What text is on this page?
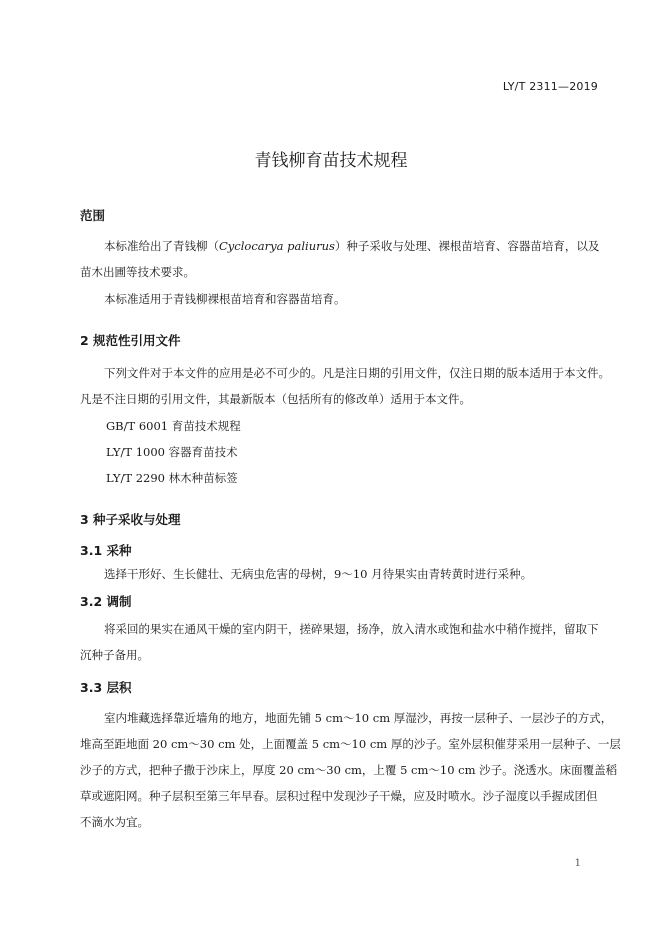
LY/T 2311—2019
青钱柳育苗技术规程
范围
本标准给出了青钱柳（Cyclocarya paliurus）种子采收与处理、裸根苗培育、容器苗培育，以及
苗木出圃等技术要求。
本标准适用于青钱柳裸根苗培育和容器苗培育。
2 规范性引用文件
下列文件对于本文件的应用是必不可少的。凡是注日期的引用文件，仅注日期的版本适用于本文件。
凡是不注日期的引用文件，其最新版本（包括所有的修改单）适用于本文件。
GB/T 6001 育苗技术规程
LY/T 1000 容器育苗技术
LY/T 2290 林木种苗标签
3 种子采收与处理
3.1 采种
选择干形好、生长健壮、无病虫危害的母树，9～10 月待果实由青转黄时进行采种。
3.2 调制
将采回的果实在通风干燥的室内阴干，搓碎果翅，扬净，放入清水或饱和盐水中稍作搅拌，留取下
沉种子备用。
3.3 层积
室内堆藏选择靠近墙角的地方，地面先铺 5 cm～10 cm 厚湿沙，再按一层种子、一层沙子的方式，
堆高至距地面 20 cm～30 cm 处，上面覆盖 5 cm～10 cm 厚的沙子。室外层积催芽采用一层种子、一层
沙子的方式，把种子撒于沙床上，厚度 20 cm～30 cm，上覆 5 cm～10 cm 沙子。浇透水。床面覆盖稻
草或遮阳网。种子层积至第三年早春。层积过程中发现沙子干燥，应及时喷水。沙子湿度以手握成团但
不滴水为宜。
1
